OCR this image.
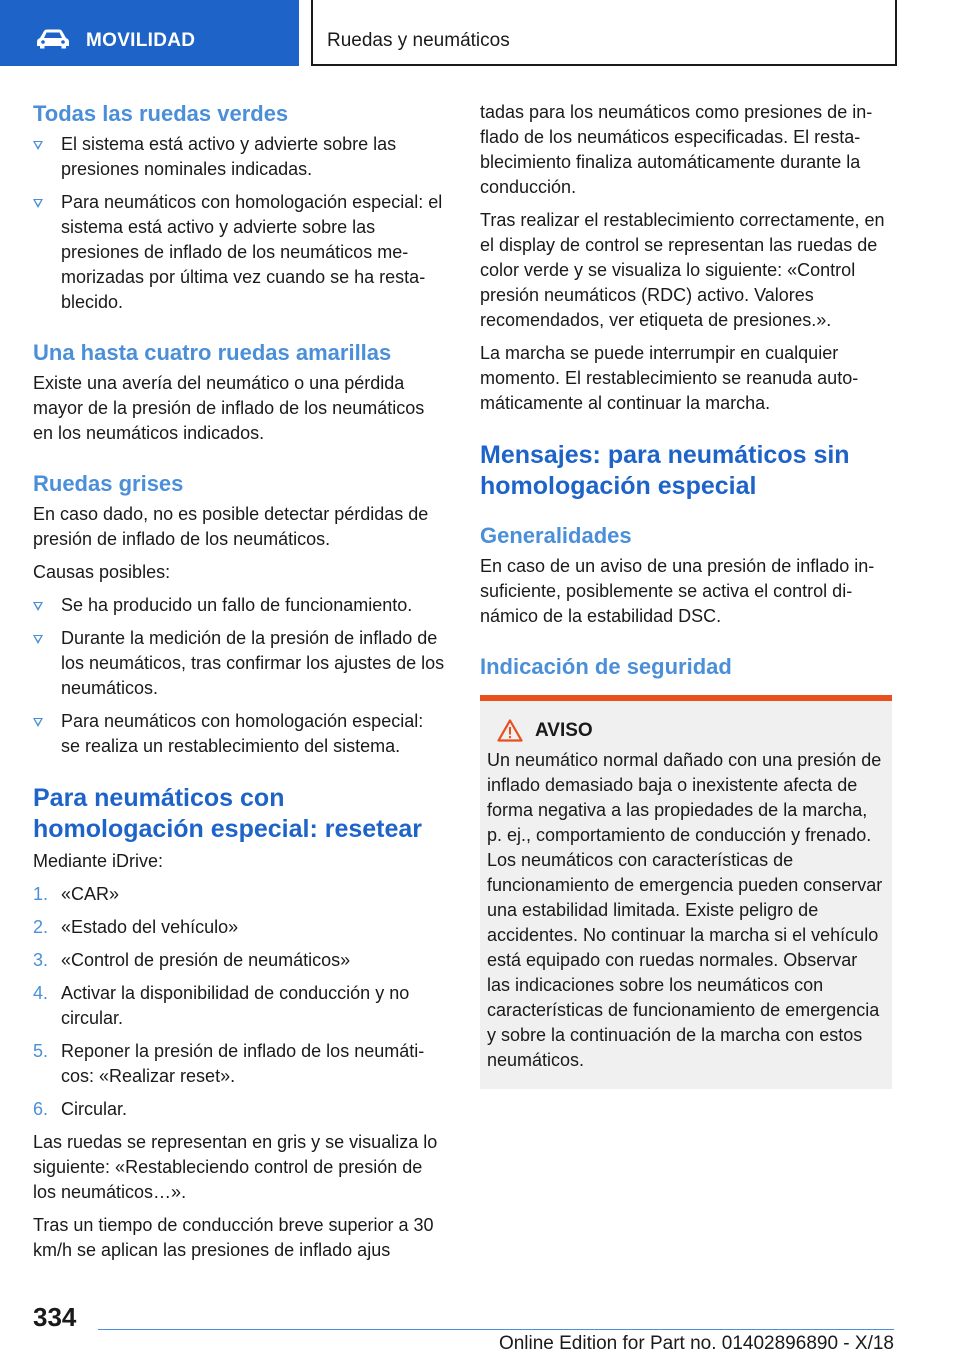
MOVILIDAD	Ruedas y neumáticos
Todas las ruedas verdes
El sistema está activo y advierte sobre las presiones nominales indicadas.
Para neumáticos con homologación especial: el sistema está activo y advierte sobre las presiones de inflado de los neumáticos memorizadas por última vez cuando se ha restablecido.
Una hasta cuatro ruedas amarillas

Existe una avería del neumático o una pérdida mayor de la presión de inflado de los neumáticos en los neumáticos indicados.

Ruedas grises

En caso dado, no es posible detectar pérdidas de presión de inflado de los neumáticos.

Causas posibles:

Se ha producido un fallo de funcionamiento.
Durante la medición de la presión de inflado de los neumáticos, tras confirmar los ajustes de los neumáticos.
Para neumáticos con homologación especial: se realiza un restablecimiento del sistema.
Para neumáticos con homologación especial: resetear

Mediante iDrive:

1. «CAR»
2. «Estado del vehículo»
3. «Control de presión de neumáticos»
4. Activar la disponibilidad de conducción y no circular.
5. Reponer la presión de inflado de los neumáticos: «Realizar reset».
6. Circular.

Las ruedas se representan en gris y se visualiza lo siguiente: «Restableciendo control de presión de los neumáticos…».

Tras un tiempo de conducción breve superior a 30 km/h se aplican las presiones de inflado ajus

tadas para los neumáticos como presiones de inflado de los neumáticos especificadas. El restablecimiento finaliza automáticamente durante la conducción.

Tras realizar el restablecimiento correctamente, en el display de control se representan las ruedas de color verde y se visualiza lo siguiente: «Control presión neumáticos (RDC) activo. Valores recomendados, ver etiqueta de presiones.».

La marcha se puede interrumpir en cualquier momento. El restablecimiento se reanuda automáticamente al continuar la marcha.

Mensajes: para neumáticos sin homologación especial
Generalidades

En caso de un aviso de una presión de inflado insuficiente, posiblemente se activa el control dinámico de la estabilidad DSC.

Indicación de seguridad
AVISO

Un neumático normal dañado con una presión de inflado demasiado baja o inexistente afecta de forma negativa a las propiedades de la marcha, p. ej., comportamiento de conducción y frenado. Los neumáticos con características de funcionamiento de emergencia pueden conservar una estabilidad limitada. Existe peligro de accidentes. No continuar la marcha si el vehículo está equipado con ruedas normales. Observar las indicaciones sobre los neumáticos con características de funcionamiento de emergencia y sobre la continuación de la marcha con estos neumáticos.

334
Online Edition for Part no. 01402896890 - X/18
